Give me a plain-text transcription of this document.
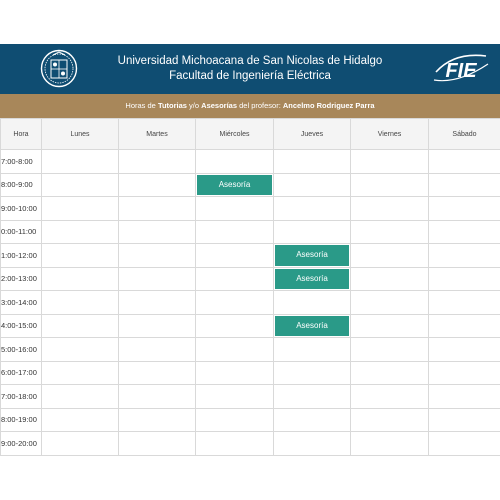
Universidad Michoacana de San Nicolas de Hidalgo
Facultad de Ingeniería Eléctrica	FIE
Horas de Tutorias y/o Asesorías del profesor: Ancelmo Rodriguez Parra
Hora	Lunes	Martes	Miércoles	Jueves	Viernes	Sábado
7:00-8:00						
8:00-9:00			Asesoría			

9:00-10:00						
0:00-11:00						
1:00-12:00				Asesoría		

2:00-13:00				Asesoría		

3:00-14:00						
4:00-15:00				Asesoría		

5:00-16:00						
6:00-17:00						
7:00-18:00						
8:00-19:00						
9:00-20:00						
